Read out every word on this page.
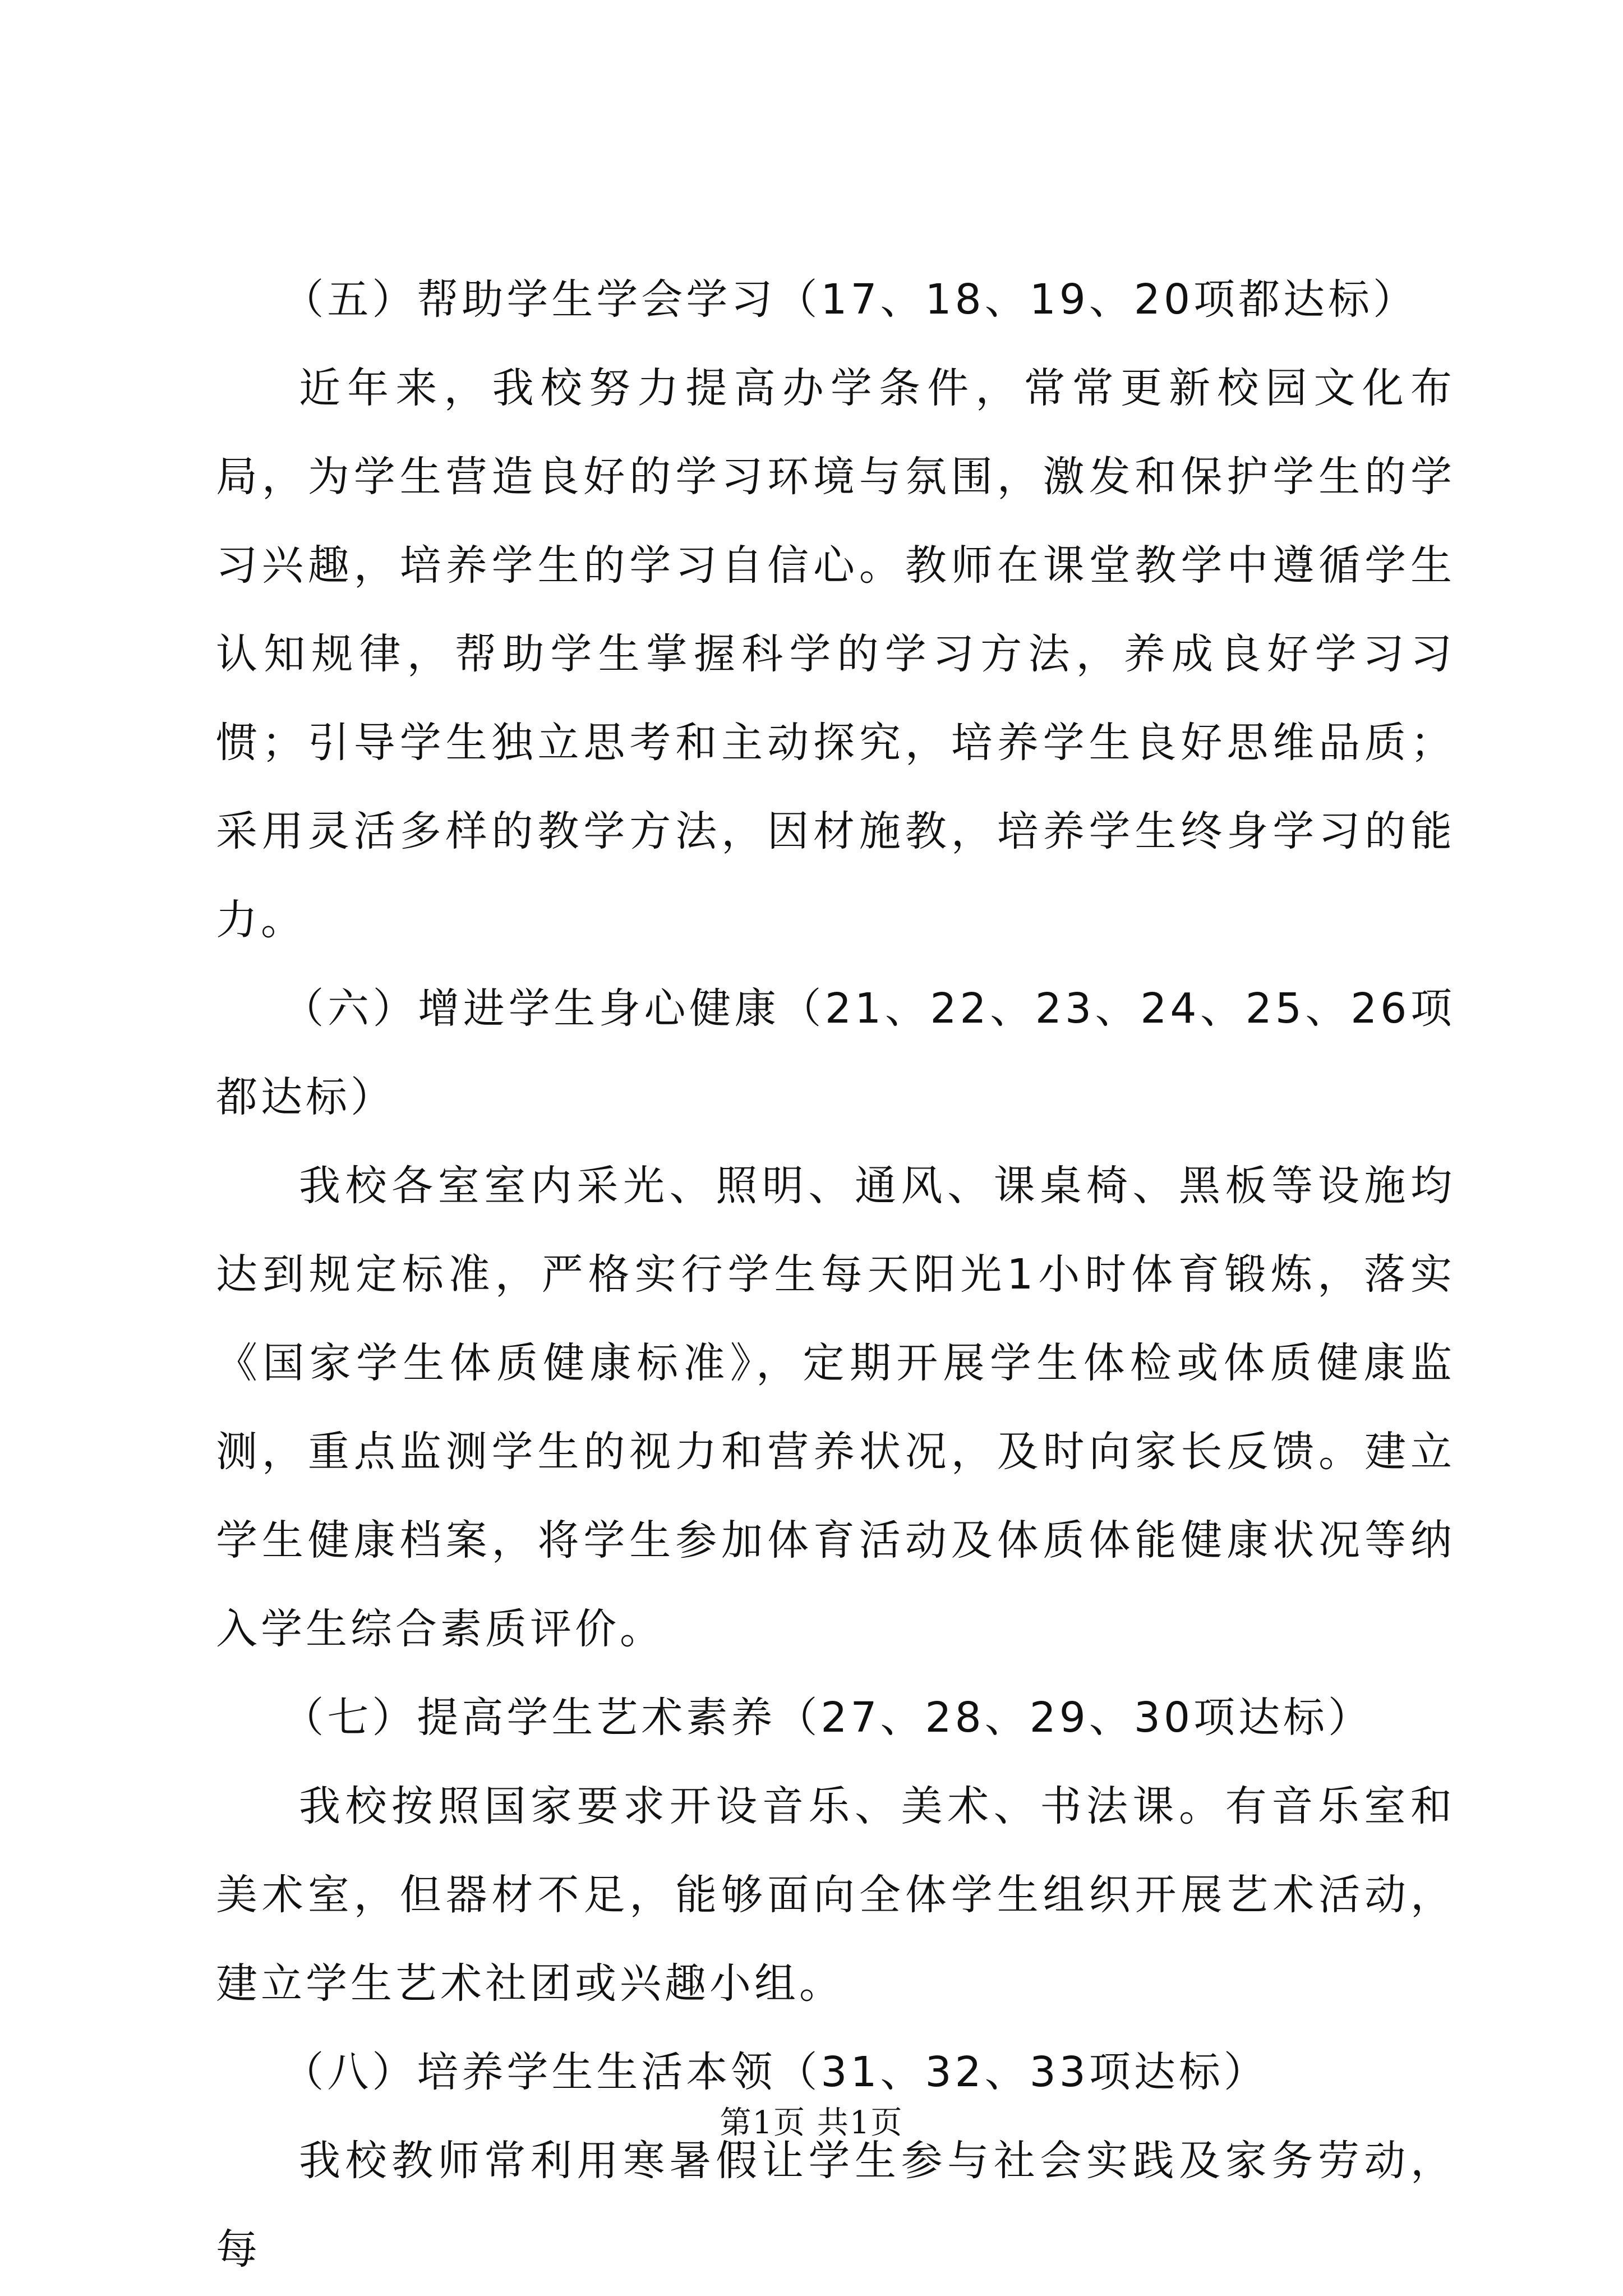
（五）帮助学生学会学习（17、18、19、20项都达标）

近年来，我校努力提高办学条件，常常更新校园文化布局，为学生营造良好的学习环境与氛围，激发和保护学生的学习兴趣，培养学生的学习自信心。教师在课堂教学中遵循学生认知规律，帮助学生掌握科学的学习方法，养成良好学习习惯；引导学生独立思考和主动探究，培养学生良好思维品质；采用灵活多样的教学方法，因材施教，培养学生终身学习的能力。

（六）增进学生身心健康（21、22、23、24、25、26项都达标）

我校各室室内采光、照明、通风、课桌椅、黑板等设施均达到规定标准，严格实行学生每天阳光1小时体育锻炼，落实《国家学生体质健康标准》，定期开展学生体检或体质健康监测，重点监测学生的视力和营养状况，及时向家长反馈。建立学生健康档案，将学生参加体育活动及体质体能健康状况等纳入学生综合素质评价。

（七）提高学生艺术素养（27、28、29、30项达标）

我校按照国家要求开设音乐、美术、书法课。有音乐室和美术室，但器材不足，能够面向全体学生组织开展艺术活动，建立学生艺术社团或兴趣小组。

（八）培养学生生活本领（31、32、33项达标）

我校教师常利用寒暑假让学生参与社会实践及家务劳动，每

第1页 共1页
